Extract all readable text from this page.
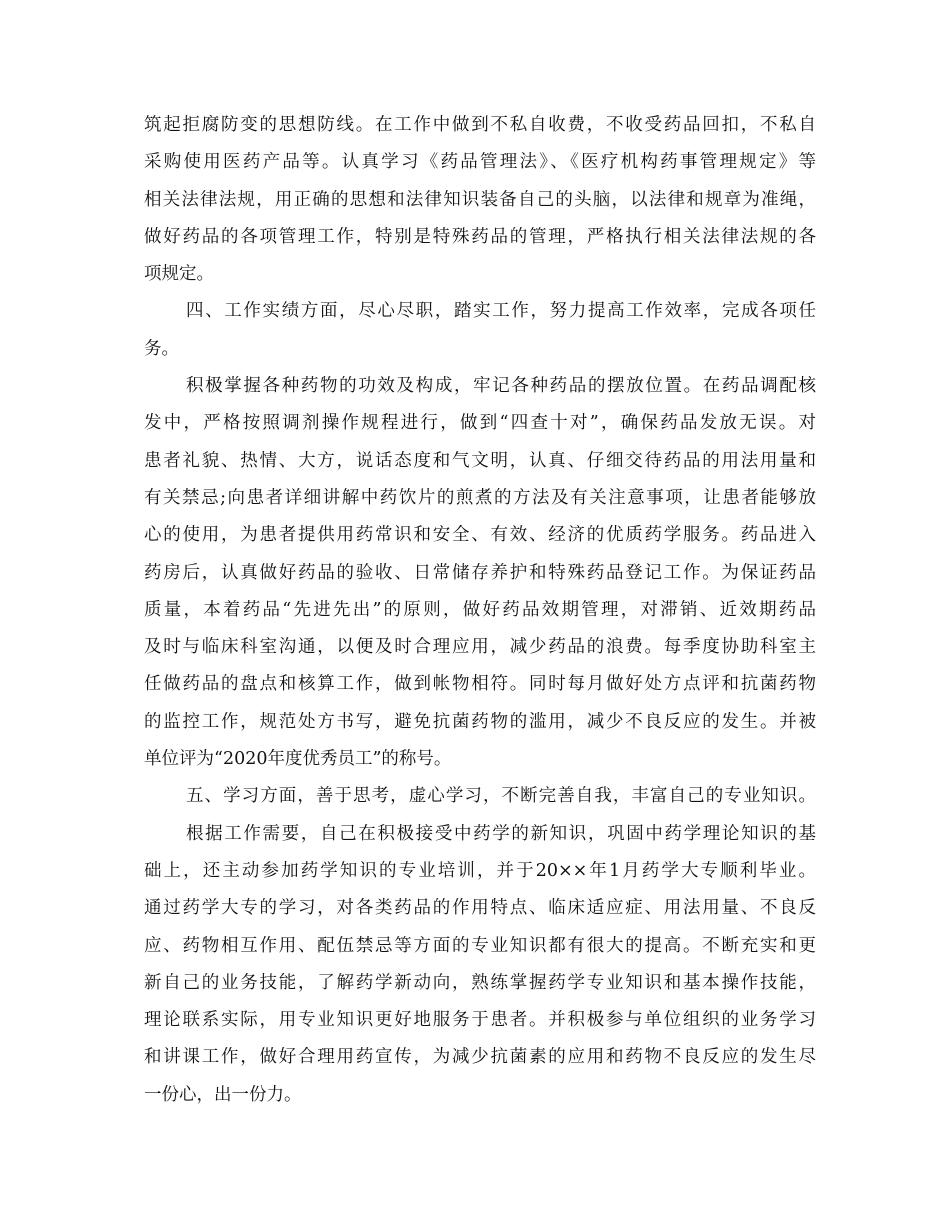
筑起拒腐防变的思想防线。在工作中做到不私自收费，不收受药品回扣，不私自
采购使用医药产品等。认真学习《药品管理法》、《医疗机构药事管理规定》等
相关法律法规，用正确的思想和法律知识装备自己的头脑，以法律和规章为准绳，
做好药品的各项管理工作，特别是特殊药品的管理，严格执行相关法律法规的各
项规定。
四、工作实绩方面，尽心尽职，踏实工作，努力提高工作效率，完成各项任
务。
积极掌握各种药物的功效及构成，牢记各种药品的摆放位置。在药品调配核
发中，严格按照调剂操作规程进行，做到“四查十对”，确保药品发放无误。对
患者礼貌、热情、大方，说话态度和气文明，认真、仔细交待药品的用法用量和
有关禁忌;向患者详细讲解中药饮片的煎煮的方法及有关注意事项，让患者能够放
心的使用，为患者提供用药常识和安全、有效、经济的优质药学服务。药品进入
药房后，认真做好药品的验收、日常储存养护和特殊药品登记工作。为保证药品
质量，本着药品“先进先出”的原则，做好药品效期管理，对滞销、近效期药品
及时与临床科室沟通，以便及时合理应用，减少药品的浪费。每季度协助科室主
任做药品的盘点和核算工作，做到帐物相符。同时每月做好处方点评和抗菌药物
的监控工作，规范处方书写，避免抗菌药物的滥用，减少不良反应的发生。并被
单位评为“2020年度优秀员工”的称号。
五、学习方面，善于思考，虚心学习，不断完善自我，丰富自己的专业知识。
根据工作需要，自己在积极接受中药学的新知识，巩固中药学理论知识的基
础上，还主动参加药学知识的专业培训，并于20××年1月药学大专顺利毕业。
通过药学大专的学习，对各类药品的作用特点、临床适应症、用法用量、不良反
应、药物相互作用、配伍禁忌等方面的专业知识都有很大的提高。不断充实和更
新自己的业务技能，了解药学新动向，熟练掌握药学专业知识和基本操作技能，
理论联系实际，用专业知识更好地服务于患者。并积极参与单位组织的业务学习
和讲课工作，做好合理用药宣传，为减少抗菌素的应用和药物不良反应的发生尽
一份心，出一份力。
